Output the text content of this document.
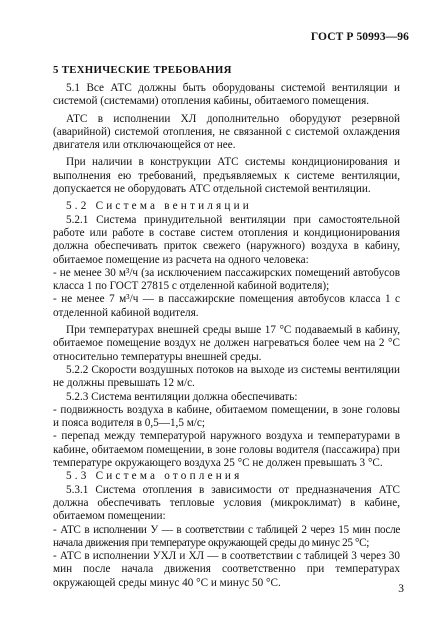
ГОСТ Р 50993—96
5 ТЕХНИЧЕСКИЕ ТРЕБОВАНИЯ

5.1 Все АТС должны быть оборудованы системой вентиляции и системой (системами) отопления кабины, обитаемого помещения.

АТС в исполнении ХЛ дополнительно оборудуют резервной (аварийной) системой отопления, не связанной с системой охлаждения двигателя или отключающейся от нее.

При наличии в конструкции АТС системы кондиционирования и выполнения ею требований, предъявляемых к системе вентиляции, допускается не оборудовать АТС отдельной системой вентиляции.

5.2 Система вентиляции

5.2.1 Система принудительной вентиляции при самостоятельной работе или работе в составе систем отопления и кондиционирования должна обеспечивать приток свежего (наружного) воздуха в кабину, обитаемое помещение из расчета на одного человека:

- не менее 30 м³/ч (за исключением пассажирских помещений автобусов класса 1 по ГОСТ 27815 с отделенной кабиной водителя);

- не менее 7 м³/ч — в пассажирские помещения автобусов класса 1 с отделенной кабиной водителя.

При температурах внешней среды выше 17 °С подаваемый в кабину, обитаемое помещение воздух не должен нагреваться более чем на 2 °С относительно температуры внешней среды.

5.2.2 Скорости воздушных потоков на выходе из системы вентиляции не должны превышать 12 м/с.

5.2.3 Система вентиляции должна обеспечивать:

- подвижность воздуха в кабине, обитаемом помещении, в зоне головы и пояса водителя в 0,5—1,5 м/с;

- перепад между температурой наружного воздуха и температурами в кабине, обитаемом помещении, в зоне головы водителя (пассажира) при температуре окружающего воздуха 25 °С не должен превышать 3 °С.

5.3 Система отопления

5.3.1 Система отопления в зависимости от предназначения АТС должна обеспечивать тепловые условия (микроклимат) в кабине, обитаемом помещении:

- АТС в исполнении У — в соответствии с таблицей 2 через 15 мин после начала движения при температуре окружающей среды до минус 25 °С;

- АТС в исполнении УХЛ и ХЛ — в соответствии с таблицей 3 через 30 мин после начала движения соответственно при температурах окружающей среды минус 40 °С и минус 50 °С.

3
